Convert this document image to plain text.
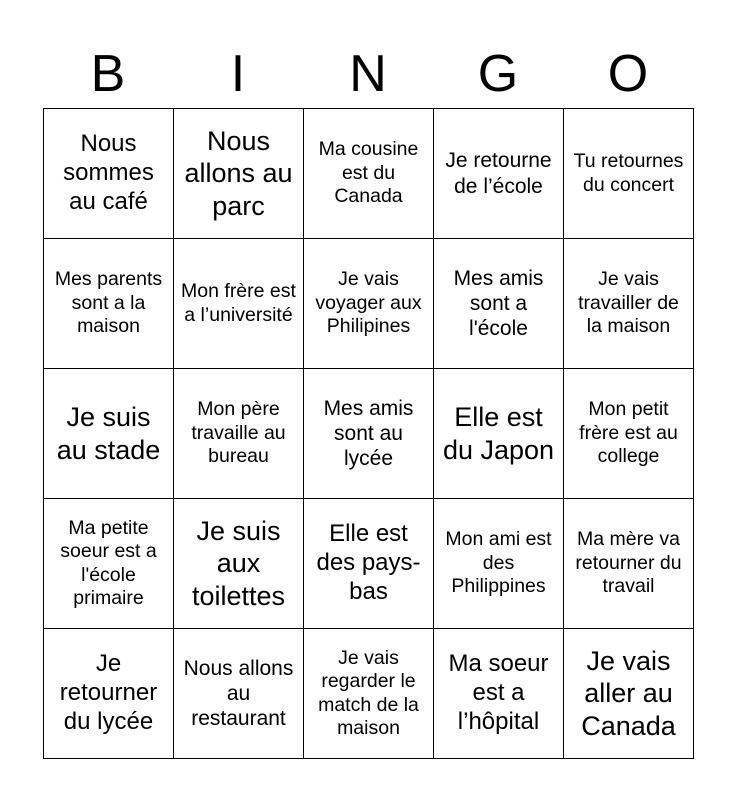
B	I	N	G	O
Nous sommes au café	Nous allons au parc	Ma cousine est du Canada	Je retourne de l’école	Tu retournes du concert
Mes parents sont a la maison	Mon frère est a l’université	Je vais voyager aux Philipines	Mes amis sont a l'école	Je vais travailler de la maison
Je suis au stade	Mon père travaille au bureau	Mes amis sont au lycée	Elle est du Japon	Mon petit frère est au college
Ma petite soeur est a l'école primaire	Je suis aux toilettes	Elle est des pays-bas	Mon ami est des Philippines	Ma mère va retourner du travail
Je retourner du lycée	Nous allons au restaurant	Je vais regarder le match de la maison	Ma soeur est a l’hôpital	Je vais aller au Canada
